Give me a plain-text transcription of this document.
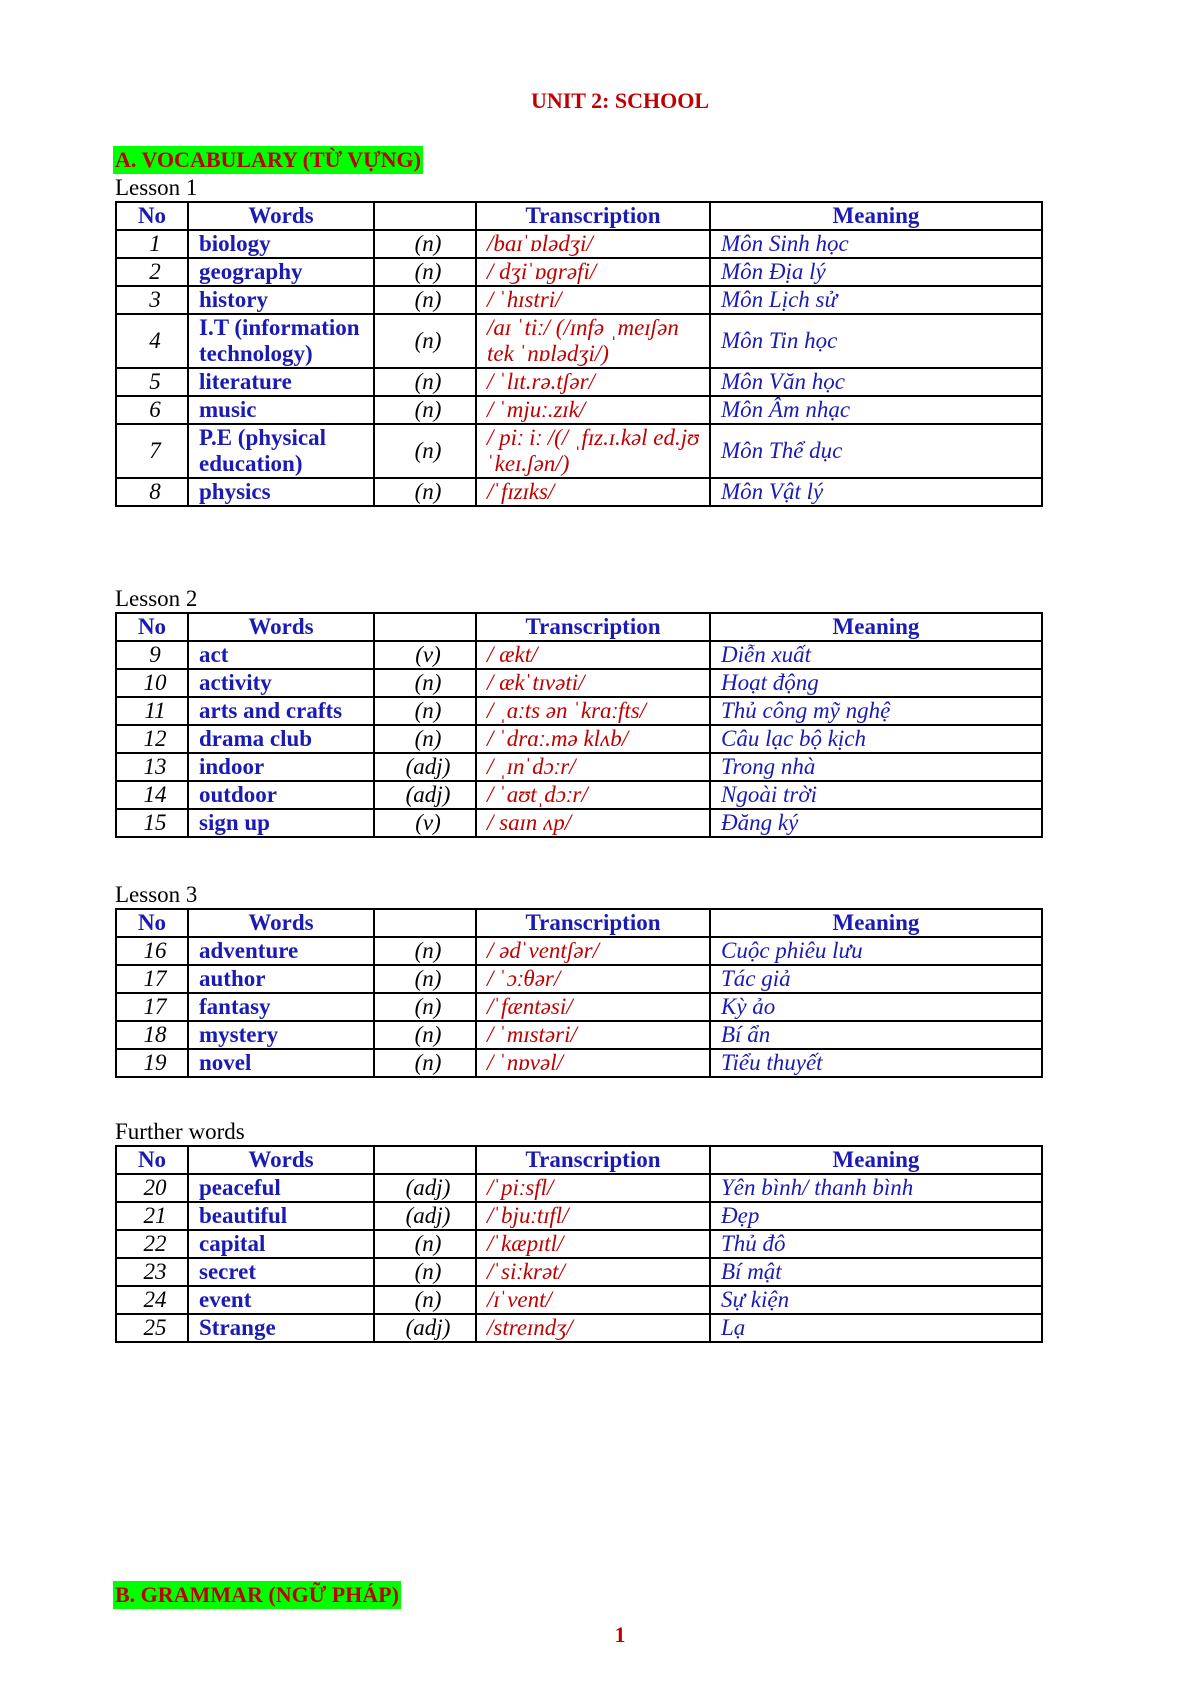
UNIT 2: SCHOOL
A. VOCABULARY (TỪ VỰNG)
Lesson 1
No	Words		Transcription	Meaning
1	biology	(n)	/baɪˈɒlədʒi/	Môn Sinh học
2	geography	(n)	/ dʒiˈɒɡrəfi/	Môn Địa lý
3	history	(n)	/ ˈhɪstri/	Môn Lịch sử
4	I.T (information technology)	(n)	/aɪ ˈtiː/ (/ɪnfə ˌmeɪʃən tek ˈnɒlədʒi/)	Môn Tin học
5	literature	(n)	/ ˈlɪt.rə.tʃər/	Môn Văn học
6	music	(n)	/ ˈmjuː.zɪk/	Môn Âm nhạc
7	P.E (physical education)	(n)	/ piː iː /(/ ˌfɪz.ɪ.kəl ed.jʊˈkeɪ.ʃən/)	Môn Thể dục
8	physics	(n)	/ˈfɪzɪks/	Môn Vật lý
Lesson 2
No	Words		Transcription	Meaning
9	act	(v)	/ ækt/	Diễn xuất
10	activity	(n)	/ ækˈtɪvəti/	Hoạt động
11	arts and crafts	(n)	/ ˌɑːts ən ˈkrɑːfts/	Thủ công mỹ nghệ
12	drama club	(n)	/ ˈdrɑː.mə klʌb/	Câu lạc bộ kịch
13	indoor	(adj)	/ ˌɪnˈdɔːr/	Trong nhà
14	outdoor	(adj)	/ ˈaʊtˌdɔːr/	Ngoài trời
15	sign up	(v)	/ saɪn ʌp/	Đăng ký
Lesson 3
No	Words		Transcription	Meaning
16	adventure	(n)	/ ədˈventʃər/	Cuộc phiêu lưu
17	author	(n)	/ ˈɔːθər/	Tác giả
17	fantasy	(n)	/ˈfæntəsi/	Kỳ ảo
18	mystery	(n)	/ ˈmɪstəri/	Bí ẩn
19	novel	(n)	/ ˈnɒvəl/	Tiểu thuyết
Further words
No	Words		Transcription	Meaning
20	peaceful	(adj)	/ˈpiːsfl/	Yên bình/ thanh bình
21	beautiful	(adj)	/ˈbjuːtɪfl/	Đẹp
22	capital	(n)	/ˈkæpɪtl/	Thủ đô
23	secret	(n)	/ˈsiːkrət/	Bí mật
24	event	(n)	/ɪˈvent/	Sự kiện
25	Strange	(adj)	/streɪndʒ/	Lạ
B. GRAMMAR (NGỮ PHÁP)
1
